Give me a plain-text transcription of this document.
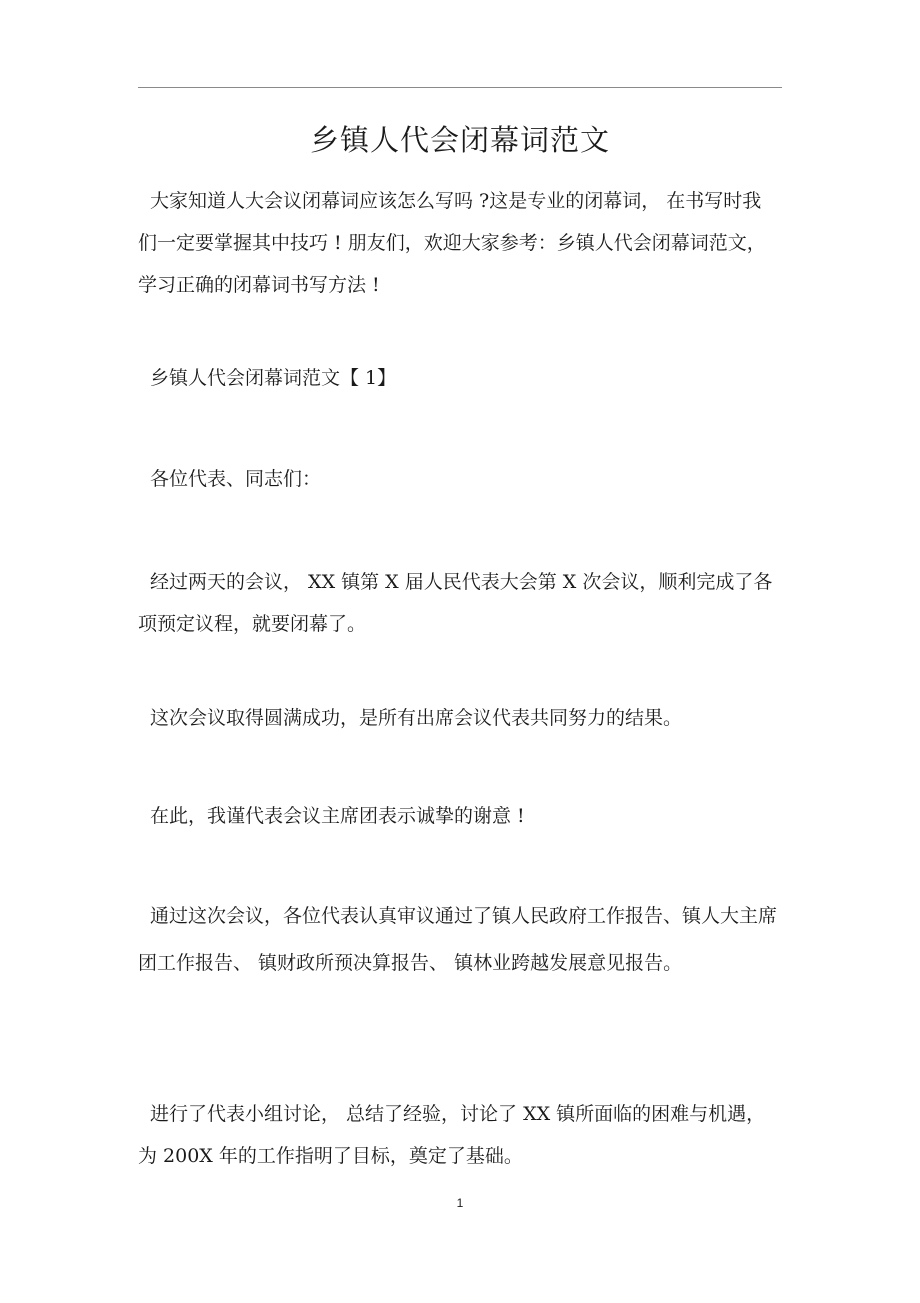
乡镇人代会闭幕词范文

大家知道人大会议闭幕词应该怎么写吗 ?这是专业的闭幕词， 在书写时我们一定要掌握其中技巧 ! 朋友们，欢迎大家参考：乡镇人代会闭幕词范文，学习正确的闭幕词书写方法 !

乡镇人代会闭幕词范文【 1】

各位代表、同志们：

经过两天的会议， XX 镇第 X 届人民代表大会第 X 次会议，顺利完成了各项预定议程，就要闭幕了。

这次会议取得圆满成功，是所有出席会议代表共同努力的结果。

在此，我谨代表会议主席团表示诚挚的谢意 !

通过这次会议，各位代表认真审议通过了镇人民政府工作报告、镇人大主席团工作报告、 镇财政所预决算报告、 镇林业跨越发展意见报告。

进行了代表小组讨论， 总结了经验，讨论了 XX 镇所面临的困难与机遇，为 200X 年的工作指明了目标，奠定了基础。

1
